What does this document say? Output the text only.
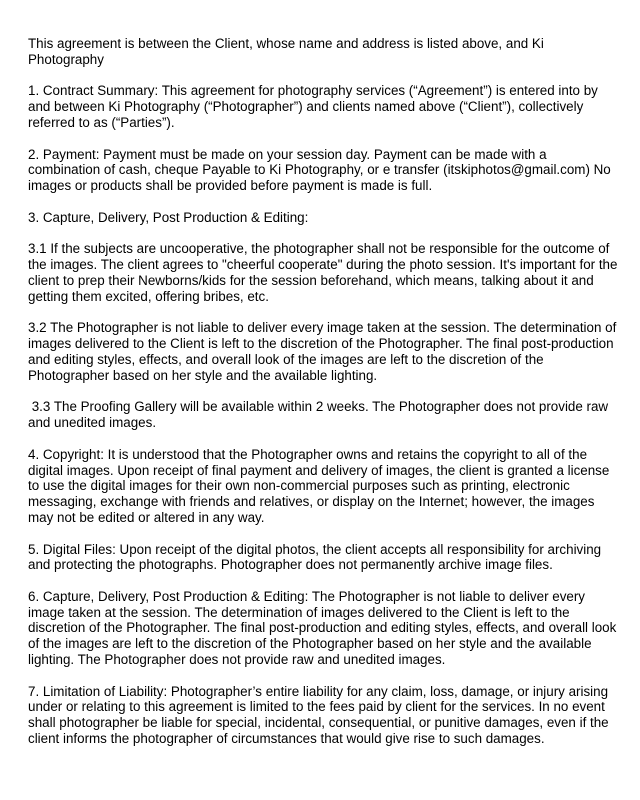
This agreement is between the Client, whose name and address is listed above, and Ki Photography

1. Contract Summary: This agreement for photography services (“Agreement”) is entered into by and between Ki Photography (“Photographer”) and clients named above (“Client”), collectively referred to as (“Parties”).

2. Payment: Payment must be made on your session day. Payment can be made with a combination of cash, cheque Payable to Ki Photography, or e transfer (itskiphotos@gmail.com) No images or products shall be provided before payment is made is full.

3. Capture, Delivery, Post Production & Editing:

3.1 If the subjects are uncooperative, the photographer shall not be responsible for the outcome of the images. The client agrees to "cheerful cooperate" during the photo session. It's important for the client to prep their Newborns/kids for the session beforehand, which means, talking about it and getting them excited, offering bribes, etc.

3.2 The Photographer is not liable to deliver every image taken at the session. The determination of images delivered to the Client is left to the discretion of the Photographer. The final post-production and editing styles, effects, and overall look of the images are left to the discretion of the Photographer based on her style and the available lighting.

3.3 The Proofing Gallery will be available within 2 weeks. The Photographer does not provide raw and unedited images.

4. Copyright: It is understood that the Photographer owns and retains the copyright to all of the digital images. Upon receipt of final payment and delivery of images, the client is granted a license to use the digital images for their own non-commercial purposes such as printing, electronic messaging, exchange with friends and relatives, or display on the Internet; however, the images may not be edited or altered in any way.

5. Digital Files: Upon receipt of the digital photos, the client accepts all responsibility for archiving and protecting the photographs. Photographer does not permanently archive image files.

6. Capture, Delivery, Post Production & Editing: The Photographer is not liable to deliver every image taken at the session. The determination of images delivered to the Client is left to the discretion of the Photographer. The final post-production and editing styles, effects, and overall look of the images are left to the discretion of the Photographer based on her style and the available lighting. The Photographer does not provide raw and unedited images.

7. Limitation of Liability: Photographer’s entire liability for any claim, loss, damage, or injury arising under or relating to this agreement is limited to the fees paid by client for the services. In no event shall photographer be liable for special, incidental, consequential, or punitive damages, even if the client informs the photographer of circumstances that would give rise to such damages.
